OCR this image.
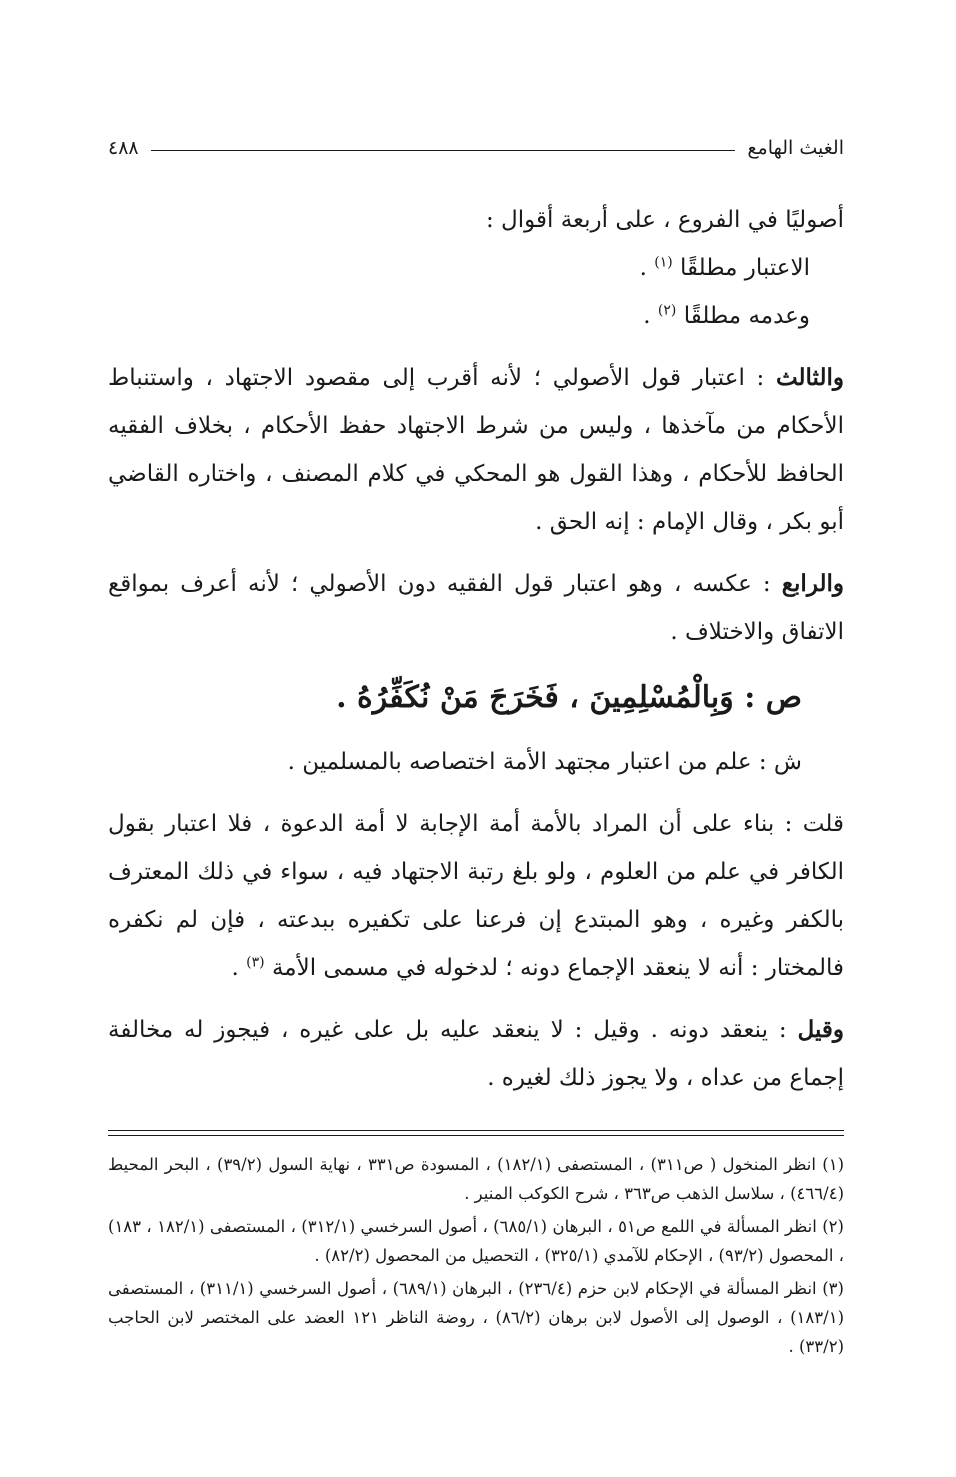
الغيث الهامع
٤٨٨

أصوليًا في الفروع ، على أربعة أقوال :

الاعتبار مطلقًا $^{(١)}$ .

وعدمه مطلقًا $^{(٢)}$ .

والثالث : اعتبار قول الأصولي ؛ لأنه أقرب إلى مقصود الاجتهاد ، واستنباط الأحكام من مآخذها ، وليس من شرط الاجتهاد حفظ الأحكام ، بخلاف الفقيه الحافظ للأحكام ، وهذا القول هو المحكي في كلام المصنف ، واختاره القاضي أبو بكر ، وقال الإمام : إنه الحق .

والرابع : عكسه ، وهو اعتبار قول الفقيه دون الأصولي ؛ لأنه أعرف بمواقع الاتفاق والاختلاف .

ص : وَبِالْمُسْلِمِينَ ، فَخَرَجَ مَنْ نُكَفِّرُهُ .

ش : علم من اعتبار مجتهد الأمة اختصاصه بالمسلمين .

قلت : بناء على أن المراد بالأمة أمة الإجابة لا أمة الدعوة ، فلا اعتبار بقول الكافر في علم من العلوم ، ولو بلغ رتبة الاجتهاد فيه ، سواء في ذلك المعترف بالكفر وغيره ، وهو المبتدع إن فرعنا على تكفيره ببدعته ، فإن لم نكفره فالمختار : أنه لا ينعقد الإجماع دونه ؛ لدخوله في مسمى الأمة $^{(٣)}$ .

وقيل : ينعقد دونه . وقيل : لا ينعقد عليه بل على غيره ، فيجوز له مخالفة إجماع من عداه ، ولا يجوز ذلك لغيره .

(١) انظر المنخول ( ص٣١١) ، المستصفى (١٨٢/١) ، المسودة ص٣٣١ ، نهاية السول (٣٩/٢) ، البحر المحيط (٤٦٦/٤) ، سلاسل الذهب ص٣٦٣ ، شرح الكوكب المنير .

(٢) انظر المسألة في اللمع ص٥١ ، البرهان (٦٨٥/١) ، أصول السرخسي (٣١٢/١) ، المستصفى (١٨٢/١ ، ١٨٣) ، المحصول (٩٣/٢) ، الإحكام للآمدي (٣٢٥/١) ، التحصيل من المحصول (٨٢/٢) .

(٣) انظر المسألة في الإحكام لابن حزم (٢٣٦/٤) ، البرهان (٦٨٩/١) ، أصول السرخسي (٣١١/١) ، المستصفى (١٨٣/١) ، الوصول إلى الأصول لابن برهان (٨٦/٢) ، روضة الناظر ١٢١ العضد على المختصر لابن الحاجب (٣٣/٢) .
